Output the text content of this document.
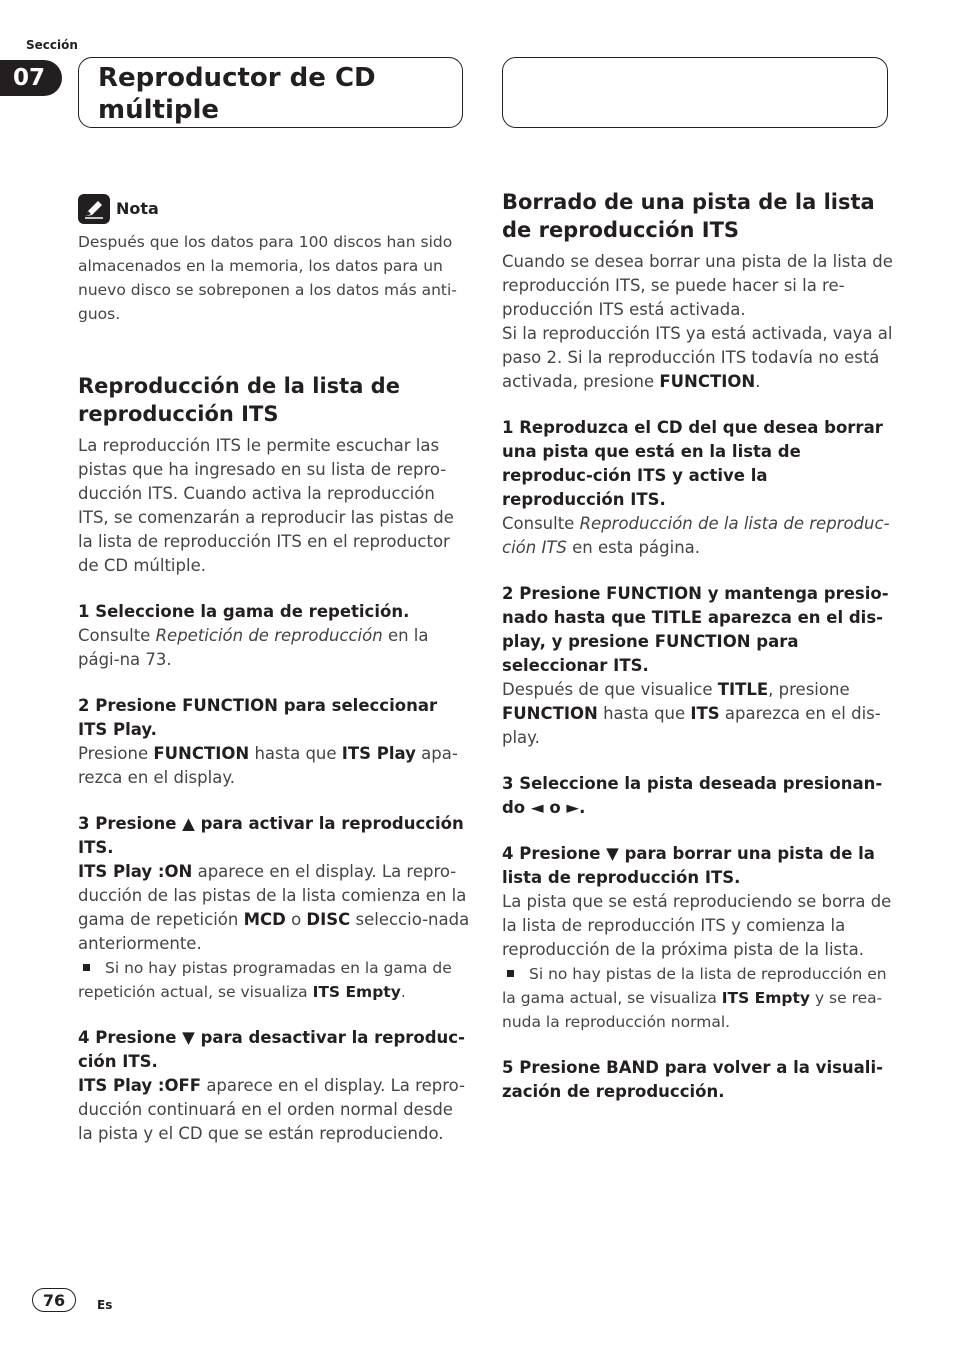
Sección
07	Reproductor de CD
múltiple
Nota

Después que los datos para 100 discos han sido almacenados en la memoria, los datos para un nuevo disco se sobreponen a los datos más anti-guos.

Reproducción de la lista de reproducción ITS

La reproducción ITS le permite escuchar las pistas que ha ingresado en su lista de repro-ducción ITS. Cuando activa la reproducción ITS, se comenzarán a reproducir las pistas de la lista de reproducción ITS en el reproductor de CD múltiple.

1 Seleccione la gama de repetición.

Consulte Repetición de reproducción en la pági-na 73.

2 Presione FUNCTION para seleccionar ITS Play.

Presione FUNCTION hasta que ITS Play apa-rezca en el display.

3 Presione ▲ para activar la reproducción ITS.

ITS Play :ON aparece en el display. La repro-ducción de las pistas de la lista comienza en la gama de repetición MCD o DISC seleccio-nada anteriormente.

Si no hay pistas programadas en la gama de repetición actual, se visualiza ITS Empty.

4 Presione ▼ para desactivar la reproduc-ción ITS.

ITS Play :OFF aparece en el display. La repro-ducción continuará en el orden normal desde la pista y el CD que se están reproduciendo.

Borrado de una pista de la lista de reproducción ITS

Cuando se desea borrar una pista de la lista de reproducción ITS, se puede hacer si la re-producción ITS está activada.

Si la reproducción ITS ya está activada, vaya al paso 2. Si la reproducción ITS todavía no está activada, presione FUNCTION.

1 Reproduzca el CD del que desea borrar una pista que está en la lista de reproduc-ción ITS y active la reproducción ITS.

Consulte Reproducción de la lista de reproduc-ción ITS en esta página.

2 Presione FUNCTION y mantenga presio-nado hasta que TITLE aparezca en el dis-play, y presione FUNCTION para seleccionar ITS.

Después de que visualice TITLE, presione FUNCTION hasta que ITS aparezca en el dis-play.

3 Seleccione la pista deseada presionan-do ◄ o ►.

4 Presione ▼ para borrar una pista de la lista de reproducción ITS.

La pista que se está reproduciendo se borra de la lista de reproducción ITS y comienza la reproducción de la próxima pista de la lista.

Si no hay pistas de la lista de reproducción en la gama actual, se visualiza ITS Empty y se rea-nuda la reproducción normal.

5 Presione BAND para volver a la visuali-zación de reproducción.

76	Es
